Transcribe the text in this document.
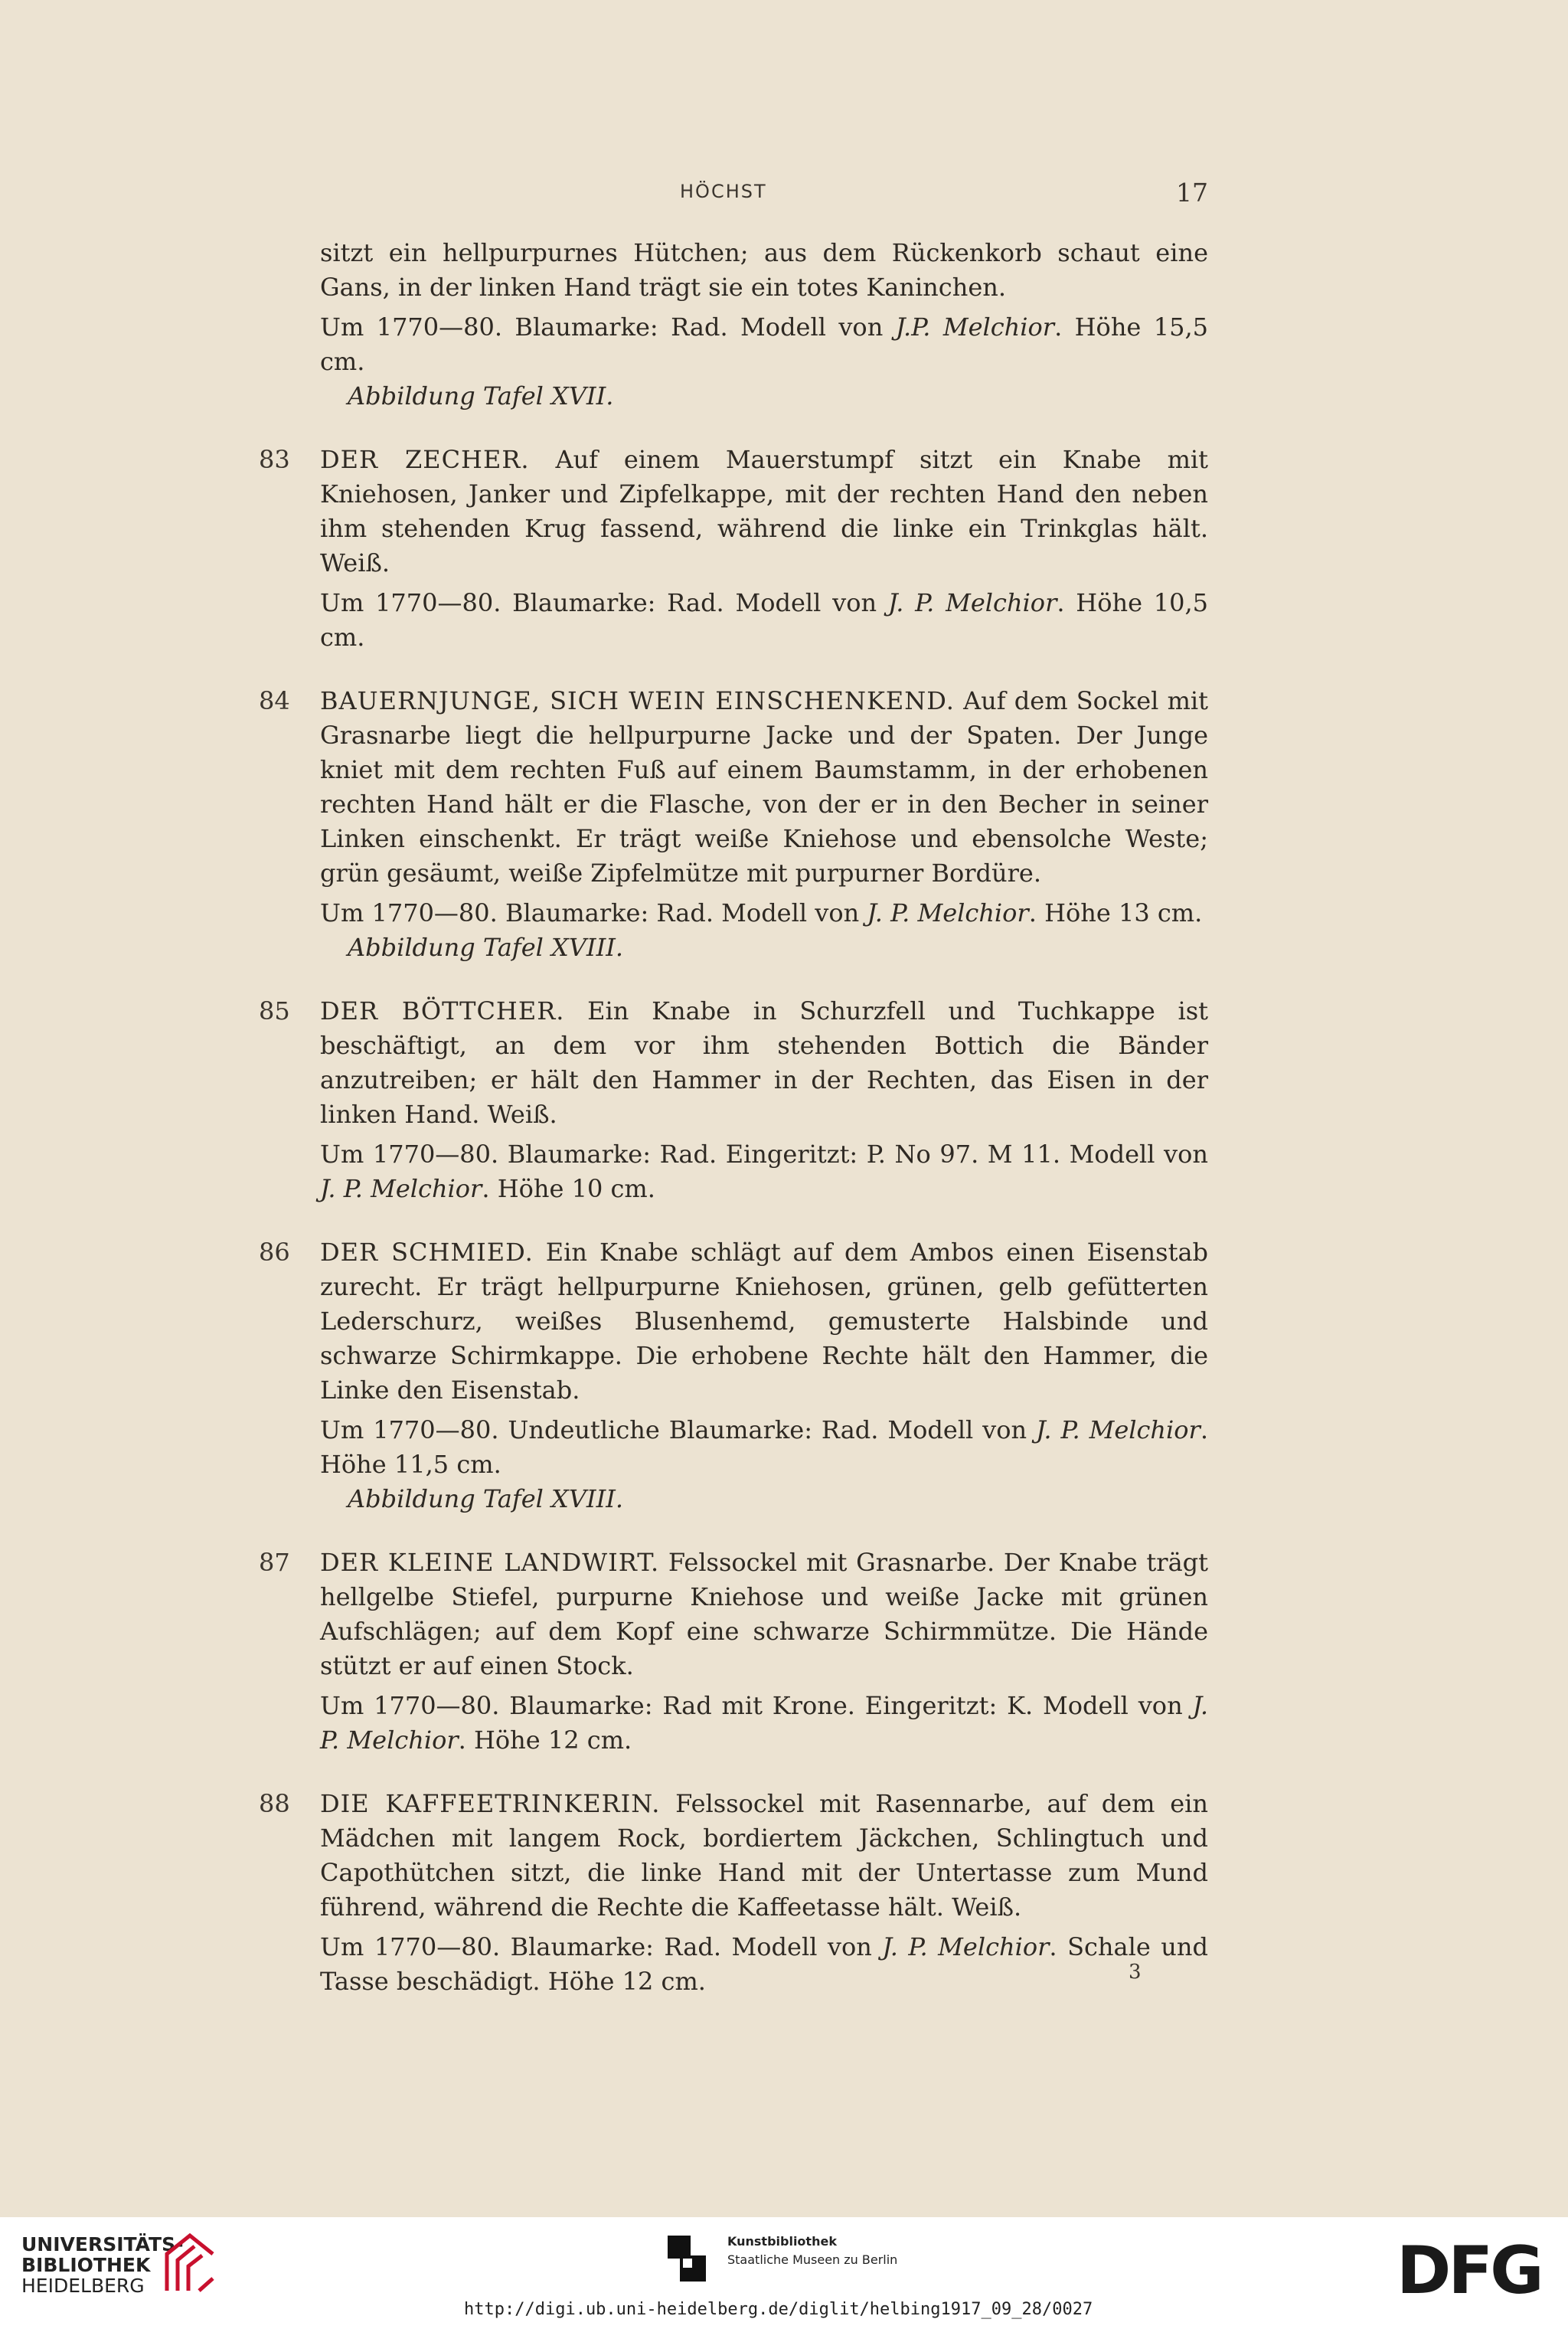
HÖCHST	17

sitzt ein hellpurpurnes Hütchen; aus dem Rückenkorb schaut eine Gans, in der linken Hand trägt sie ein totes Kaninchen.

Um 1770—80. Blaumarke: Rad. Modell von J.P. Melchior. Höhe 15,5 cm.

Abbildung Tafel XVII.

83	DER ZECHER. Auf einem Mauerstumpf sitzt ein Knabe mit Kniehosen, Janker und Zipfelkappe, mit der rechten Hand den neben ihm stehenden Krug fassend, während die linke ein Trinkglas hält. Weiß.

Um 1770—80. Blaumarke: Rad. Modell von J. P. Melchior. Höhe 10,5 cm.

84	BAUERNJUNGE, SICH WEIN EINSCHENKEND. Auf dem Sockel mit Grasnarbe liegt die hellpurpurne Jacke und der Spaten. Der Junge kniet mit dem rechten Fuß auf einem Baumstamm, in der erhobenen rechten Hand hält er die Flasche, von der er in den Becher in seiner Linken einschenkt. Er trägt weiße Kniehose und ebensolche Weste; grün gesäumt, weiße Zipfelmütze mit purpurner Bordüre.

Um 1770—80. Blaumarke: Rad. Modell von J. P. Melchior. Höhe 13 cm.

Abbildung Tafel XVIII.

85	DER BÖTTCHER. Ein Knabe in Schurzfell und Tuchkappe ist beschäftigt, an dem vor ihm stehenden Bottich die Bänder anzutreiben; er hält den Hammer in der Rechten, das Eisen in der linken Hand. Weiß.

Um 1770—80. Blaumarke: Rad. Eingeritzt: P. No 97. M 11. Modell von J. P. Melchior. Höhe 10 cm.

86	DER SCHMIED. Ein Knabe schlägt auf dem Ambos einen Eisenstab zurecht. Er trägt hellpurpurne Kniehosen, grünen, gelb gefütterten Lederschurz, weißes Blusenhemd, gemusterte Halsbinde und schwarze Schirmkappe. Die erhobene Rechte hält den Hammer, die Linke den Eisenstab.

Um 1770—80. Undeutliche Blaumarke: Rad. Modell von J. P. Melchior. Höhe 11,5 cm.

Abbildung Tafel XVIII.

87	DER KLEINE LANDWIRT. Felssockel mit Grasnarbe. Der Knabe trägt hellgelbe Stiefel, purpurne Kniehose und weiße Jacke mit grünen Aufschlägen; auf dem Kopf eine schwarze Schirmmütze. Die Hände stützt er auf einen Stock.

Um 1770—80. Blaumarke: Rad mit Krone. Eingeritzt: K. Modell von J. P. Melchior. Höhe 12 cm.

88	DIE KAFFEETRINKERIN. Felssockel mit Rasennarbe, auf dem ein Mädchen mit langem Rock, bordiertem Jäckchen, Schlingtuch und Capothütchen sitzt, die linke Hand mit der Untertasse zum Mund führend, während die Rechte die Kaffeetasse hält. Weiß.

Um 1770—80. Blaumarke: Rad. Modell von J. P. Melchior. Schale und Tasse beschädigt. Höhe 12 cm.	3
UNIVERSITÄTS-
BIBLIOTHEK
HEIDELBERG
Kunstbibliothek
Staatliche Museen zu Berlin	DFG
http://digi.ub.uni-heidelberg.de/diglit/helbing1917_09_28/0027
